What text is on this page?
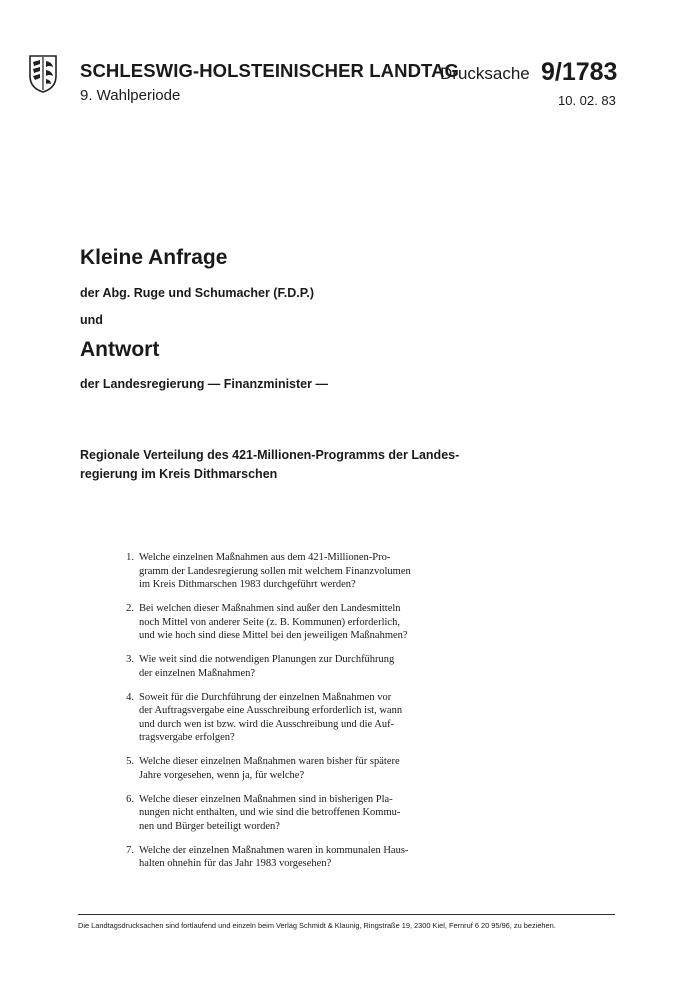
SCHLESWIG-HOLSTEINISCHER LANDTAG
9. Wahlperiode
Drucksache 9/1783
10. 02. 83
Kleine Anfrage
der Abg. Ruge und Schumacher (F.D.P.)
und
Antwort
der Landesregierung — Finanzminister —
Regionale Verteilung des 421-Millionen-Programms der Landes-
regierung im Kreis Dithmarschen
1. Welche einzelnen Maßnahmen aus dem 421-Millionen-Pro-
gramm der Landesregierung sollen mit welchem Finanzvolumen
im Kreis Dithmarschen 1983 durchgeführt werden?
2. Bei welchen dieser Maßnahmen sind außer den Landesmitteln
noch Mittel von anderer Seite (z. B. Kommunen) erforderlich,
und wie hoch sind diese Mittel bei den jeweiligen Maßnahmen?
3. Wie weit sind die notwendigen Planungen zur Durchführung
der einzelnen Maßnahmen?
4. Soweit für die Durchführung der einzelnen Maßnahmen vor
der Auftragsvergabe eine Ausschreibung erforderlich ist, wann
und durch wen ist bzw. wird die Ausschreibung und die Auf-
tragsvergabe erfolgen?
5. Welche dieser einzelnen Maßnahmen waren bisher für spätere
Jahre vorgesehen, wenn ja, für welche?
6. Welche dieser einzelnen Maßnahmen sind in bisherigen Pla-
nungen nicht enthalten, und wie sind die betroffenen Kommu-
nen und Bürger beteiligt worden?
7. Welche der einzelnen Maßnahmen waren in kommunalen Haus-
halten ohnehin für das Jahr 1983 vorgesehen?
Die Landtagsdrucksachen sind fortlaufend und einzeln beim Verlag Schmidt & Klaunig, Ringstraße 19, 2300 Kiel, Fernruf 6 20 95/96, zu beziehen.
